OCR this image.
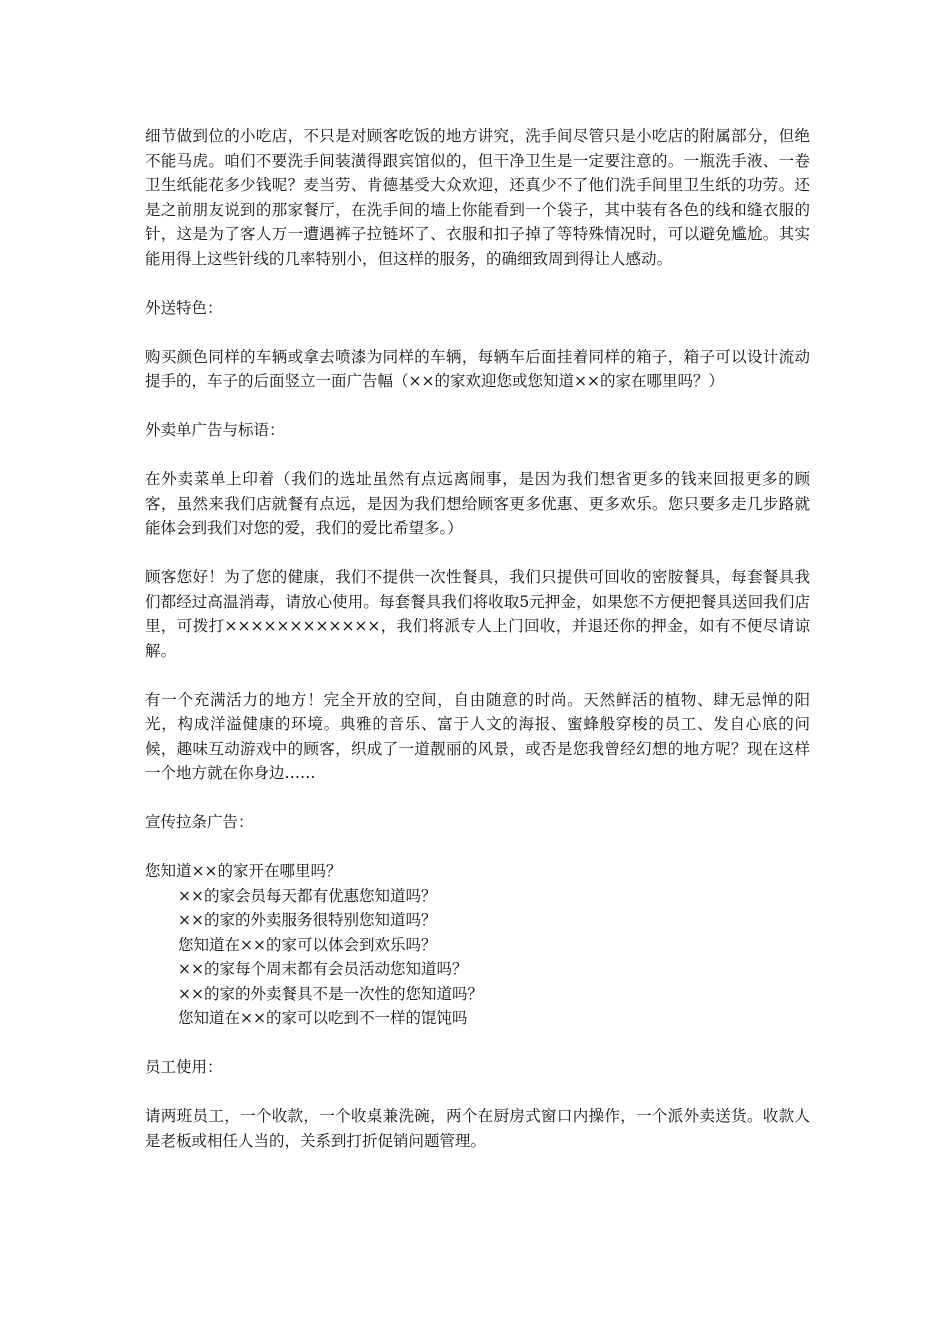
细节做到位的小吃店，不只是对顾客吃饭的地方讲究，洗手间尽管只是小吃店的附属部分，但绝不能马虎。咱们不要洗手间装潢得跟宾馆似的，但干净卫生是一定要注意的。一瓶洗手液、一卷卫生纸能花多少钱呢？麦当劳、肯德基受大众欢迎，还真少不了他们洗手间里卫生纸的功劳。还是之前朋友说到的那家餐厅，在洗手间的墙上你能看到一个袋子，其中装有各色的线和缝衣服的针，这是为了客人万一遭遇裤子拉链坏了、衣服和扣子掉了等特殊情况时，可以避免尴尬。其实能用得上这些针线的几率特别小，但这样的服务，的确细致周到得让人感动。

外送特色：

购买颜色同样的车辆或拿去喷漆为同样的车辆，每辆车后面挂着同样的箱子，箱子可以设计流动提手的，车子的后面竖立一面广告幅（××的家欢迎您或您知道××的家在哪里吗？）

外卖单广告与标语：

在外卖菜单上印着（我们的选址虽然有点远离闹事，是因为我们想省更多的钱来回报更多的顾客，虽然来我们店就餐有点远，是因为我们想给顾客更多优惠、更多欢乐。您只要多走几步路就能体会到我们对您的爱，我们的爱比希望多。）

顾客您好！为了您的健康，我们不提供一次性餐具，我们只提供可回收的密胺餐具，每套餐具我们都经过高温消毒，请放心使用。每套餐具我们将收取5元押金，如果您不方便把餐具送回我们店里，可拨打××××××××××××，我们将派专人上门回收，并退还你的押金，如有不便尽请谅解。

有一个充满活力的地方！完全开放的空间，自由随意的时尚。天然鲜活的植物、肆无忌惮的阳光，构成洋溢健康的环境。典雅的音乐、富于人文的海报、蜜蜂般穿梭的员工、发自心底的问候，趣味互动游戏中的顾客，织成了一道靓丽的风景，或否是您我曾经幻想的地方呢？现在这样一个地方就在你身边……

宣传拉条广告：

您知道××的家开在哪里吗？

××的家会员每天都有优惠您知道吗？

××的家的外卖服务很特别您知道吗？

您知道在××的家可以体会到欢乐吗？

××的家每个周末都有会员活动您知道吗？

××的家的外卖餐具不是一次性的您知道吗？

您知道在××的家可以吃到不一样的馄饨吗

员工使用：

请两班员工，一个收款，一个收桌兼洗碗，两个在厨房式窗口内操作，一个派外卖送货。收款人是老板或相任人当的，关系到打折促销问题管理。
